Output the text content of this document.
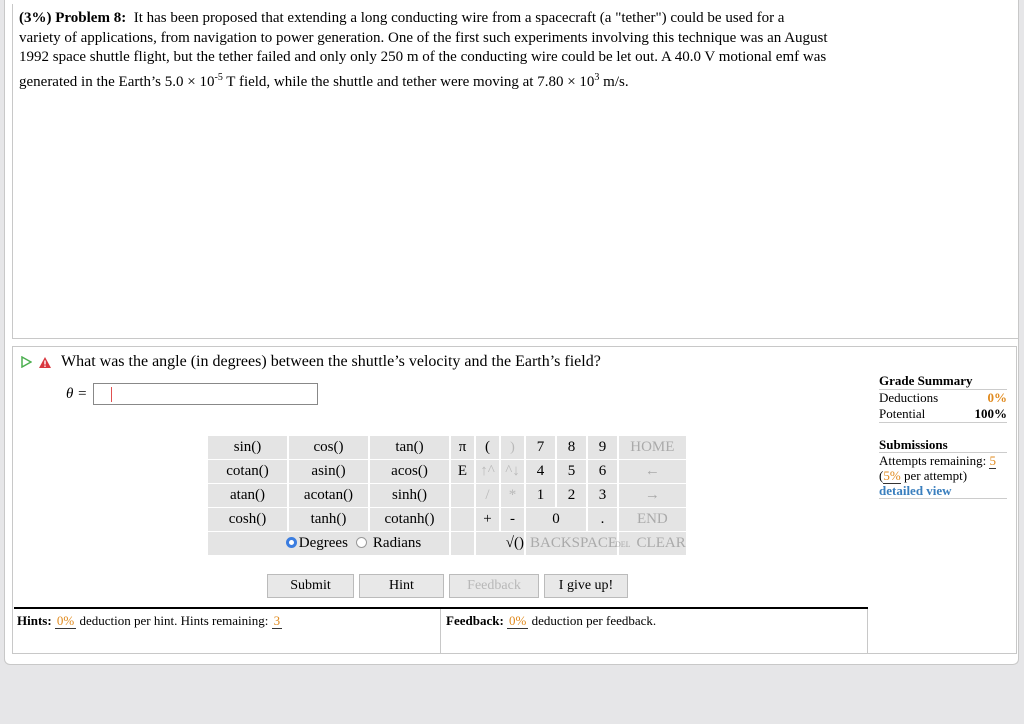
(3%) Problem 8: It has been proposed that extending a long conducting wire from a spacecraft (a "tether") could be used for a
variety of applications, from navigation to power generation. One of the first such experiments involving this technique was an August
1992 space shuttle flight, but the tether failed and only only 250 m of the conducting wire could be let out. A 40.0 V motional emf was
generated in the Earth’s $5.0 \times 10^{-5}$ T field, while the shuttle and tether were moving at $7.80 \times 10^3$ m/s.
What was the angle (in degrees) between the shuttle’s velocity and the Earth’s field?
θ =
sin()	cos()	tan()	π	(	)	7	8	9	HOME
cotan()	asin()	acos()	E	↑^	^↓	4	5	6	←
atan()	acotan()	sinh()		/	*	1	2	3	→
cosh()	tanh()	cotanh()		+	-	0		.	END
Degrees Radians				√()		BACKSPACE			DEL CLEAR
Submit	Hint	Feedback	I give up!
Hints: 0% deduction per hint. Hints remaining: 3	Feedback: 0% deduction per feedback.
Grade Summary
Deductions	0%
Potential	100%
Submissions
Attempts remaining: 5
(5% per attempt)
detailed view
